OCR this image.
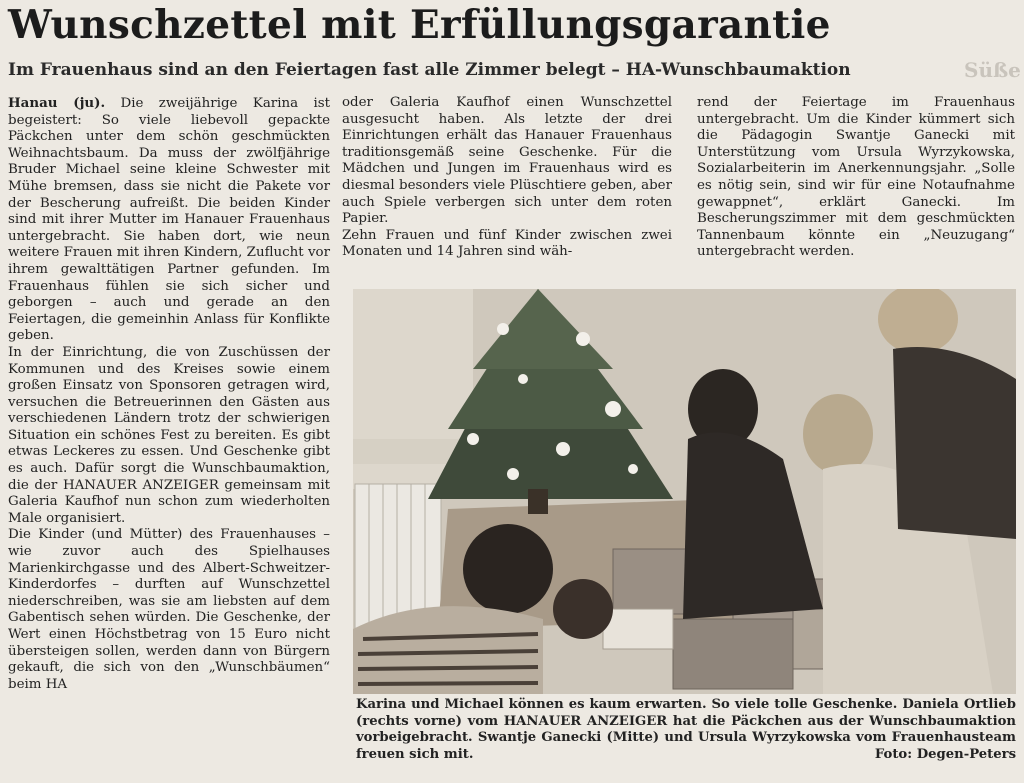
Wunschzettel mit Erfüllungsgarantie
Im Frauenhaus sind an den Feiertagen fast alle Zimmer belegt – HA-Wunschbaumaktion	Süße

Hanau (ju). Die zweijährige Karina ist begeistert: So viele liebevoll gepackte Päckchen unter dem schön geschmückten Weihnachtsbaum. Da muss der zwölfjährige Bruder Michael seine kleine Schwester mit Mühe bremsen, dass sie nicht die Pakete vor der Bescherung aufreißt. Die beiden Kinder sind mit ihrer Mutter im Hanauer Frauenhaus untergebracht. Sie haben dort, wie neun weitere Frauen mit ihren Kindern, Zuflucht vor ihrem gewalttätigen Partner gefunden. Im Frauenhaus fühlen sie sich sicher und geborgen – auch und gerade an den Feiertagen, die gemeinhin Anlass für Konflikte geben.

In der Einrichtung, die von Zuschüssen der Kommunen und des Kreises sowie einem großen Einsatz von Sponsoren getragen wird, versuchen die Betreuerinnen den Gästen aus verschiedenen Ländern trotz der schwierigen Situation ein schönes Fest zu bereiten. Es gibt etwas Leckeres zu essen. Und Geschenke gibt es auch. Dafür sorgt die Wunschbaumaktion, die der HANAUER ANZEIGER gemeinsam mit Galeria Kaufhof nun schon zum wiederholten Male organisiert.

Die Kinder (und Mütter) des Frauenhauses – wie zuvor auch des Spielhauses Marienkirchgasse und des Albert-Schweitzer-Kinderdorfes – durften auf Wunschzettel niederschreiben, was sie am liebsten auf dem Gabentisch sehen würden. Die Geschenke, der Wert einen Höchstbetrag von 15 Euro nicht übersteigen sollen, werden dann von Bürgern gekauft, die sich von den „Wunschbäumen“ beim HA

oder Galeria Kaufhof einen Wunschzettel ausgesucht haben. Als letzte der drei Einrichtungen erhält das Hanauer Frauenhaus traditionsgemäß seine Geschenke. Für die Mädchen und Jungen im Frauenhaus wird es diesmal besonders viele Plüschtiere geben, aber auch Spiele verbergen sich unter dem roten Papier.

Zehn Frauen und fünf Kinder zwischen zwei Monaten und 14 Jahren sind wäh-

rend der Feiertage im Frauenhaus untergebracht. Um die Kinder kümmert sich die Pädagogin Swantje Ganecki mit Unterstützung vom Ursula Wyrzykowska, Sozialarbeiterin im Anerkennungsjahr. „Solle es nötig sein, sind wir für eine Notaufnahme gewappnet“, erklärt Ganecki. Im Bescherungszimmer mit dem geschmückten Tannenbaum könnte ein „Neuzugang“ untergebracht werden.

Karina und Michael können es kaum erwarten. So viele tolle Geschenke. Daniela Ortlieb (rechts vorne) vom HANAUER ANZEIGER hat die Päckchen aus der Wunschbaumaktion vorbeigebracht. Swantje Ganecki (Mitte) und Ursula Wyrzykowska vom Frauenhausteam freuen sich mit.	Foto: Degen-Peters
